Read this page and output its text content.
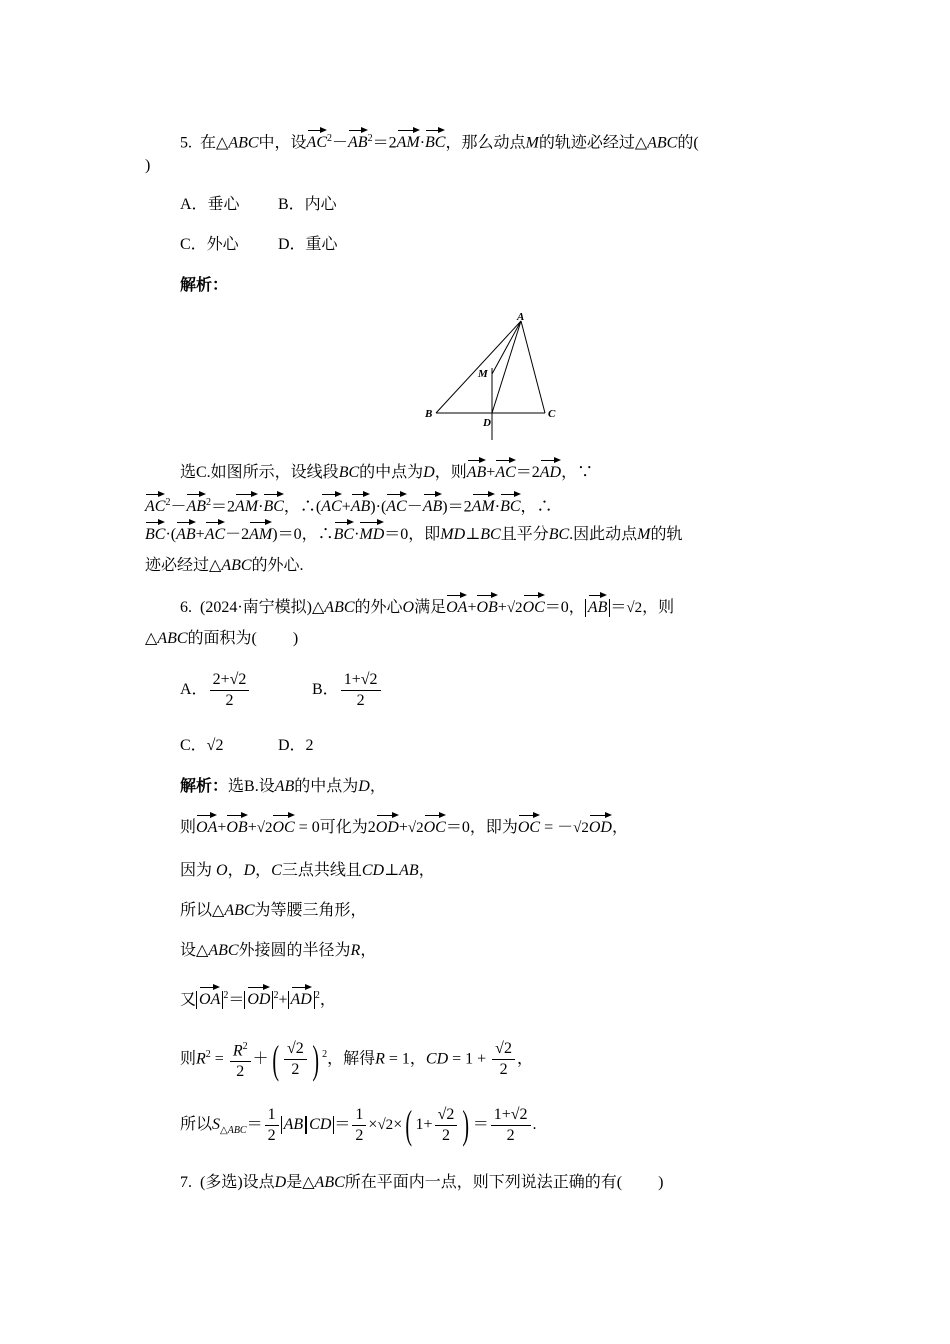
5.  在△ABC中，设$AC^2-AB^2=2AM\cdot BC$，那么动点M的轨迹必经过△ABC的(
)
A．垂心 B．内心
C．外心 D．重心
解析：
A
M
B	C
D
选C.如图所示，设线段BC的中点为D，则AB+AC＝2AD，∵
$AC^2-AB^2=2AM\cdot BC$，∴(AC+AB)·(AC－AB)＝2AM·BC，∴
BC·(AB+AC－2AM)＝0，∴BC·MD＝0，即MD⊥BC且平分BC.因此动点M的轨
迹必经过△ABC的外心.
6.  (2024·南宁模拟)△ABC的外心O满足OA+OB+√2OC＝0， AB ＝√2，则
△ABC的面积为(         )
A． $\frac{2+√2}{2}$	B． $\frac{1+√2}{2}$
C．√2	D．2
解析：选B.设AB的中点为D，
则OA+OB+√2OC = 0可化为2OD+√2OC＝0，即为OC = －√2OD，
因为 O，D，C三点共线且CD⊥AB，
所以△ABC为等腰三角形，
设△ABC外接圆的半径为R，
又 OA $^2$＝ OD $^2$+ AD $^2$，
则$R^2 = \frac{R^2}{2}$ ＋( $\frac{√2}{2}$ ) $^2$，解得R = 1，CD = $1 + \frac{√2}{2}$ ，
所以$S_{\triangle ABC}= \frac{1}{2}$ AB CD ＝ $\frac{1}{2} \times√2\times$( $1+ \frac{√2}{2}$ ) ＝ $\frac{1+√2}{2}$ .
7.  (多选)设点D是△ABC所在平面内一点，则下列说法正确的有(         )
